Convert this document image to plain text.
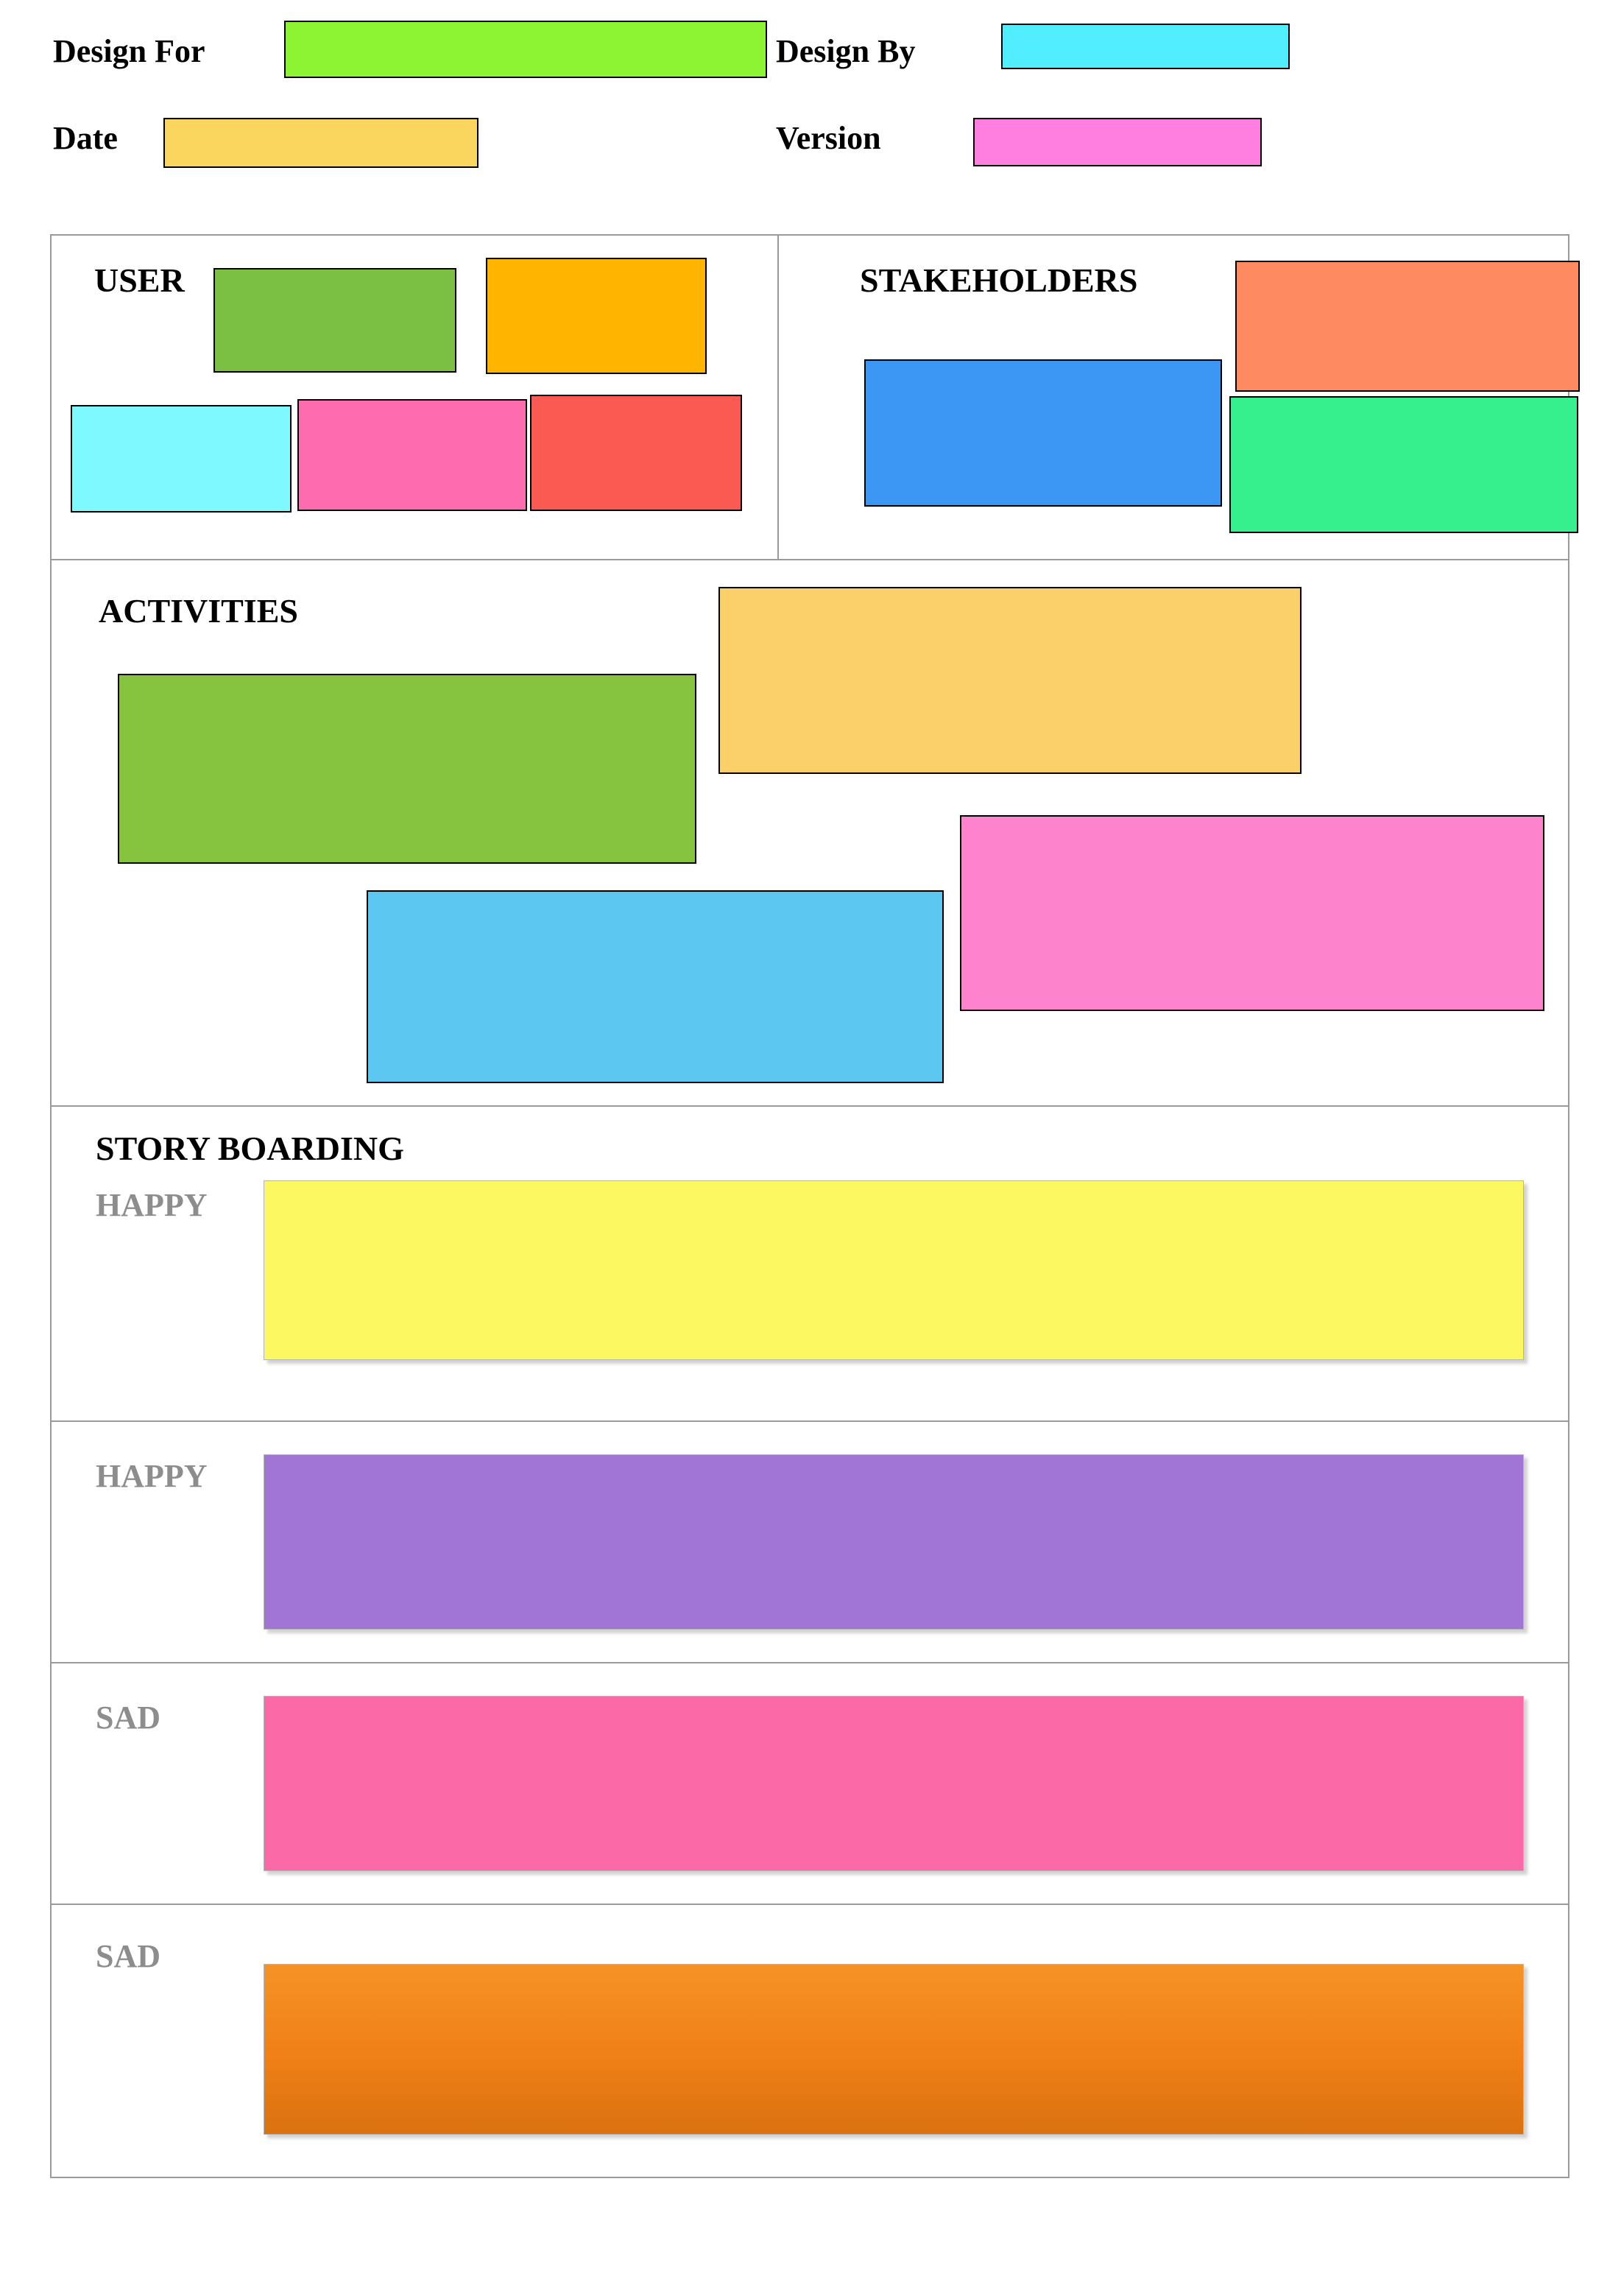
Design For	Design By
Date	Version
USER	STAKEHOLDERS
ACTIVITIES
STORY BOARDING
HAPPY
HAPPY
SAD
SAD
